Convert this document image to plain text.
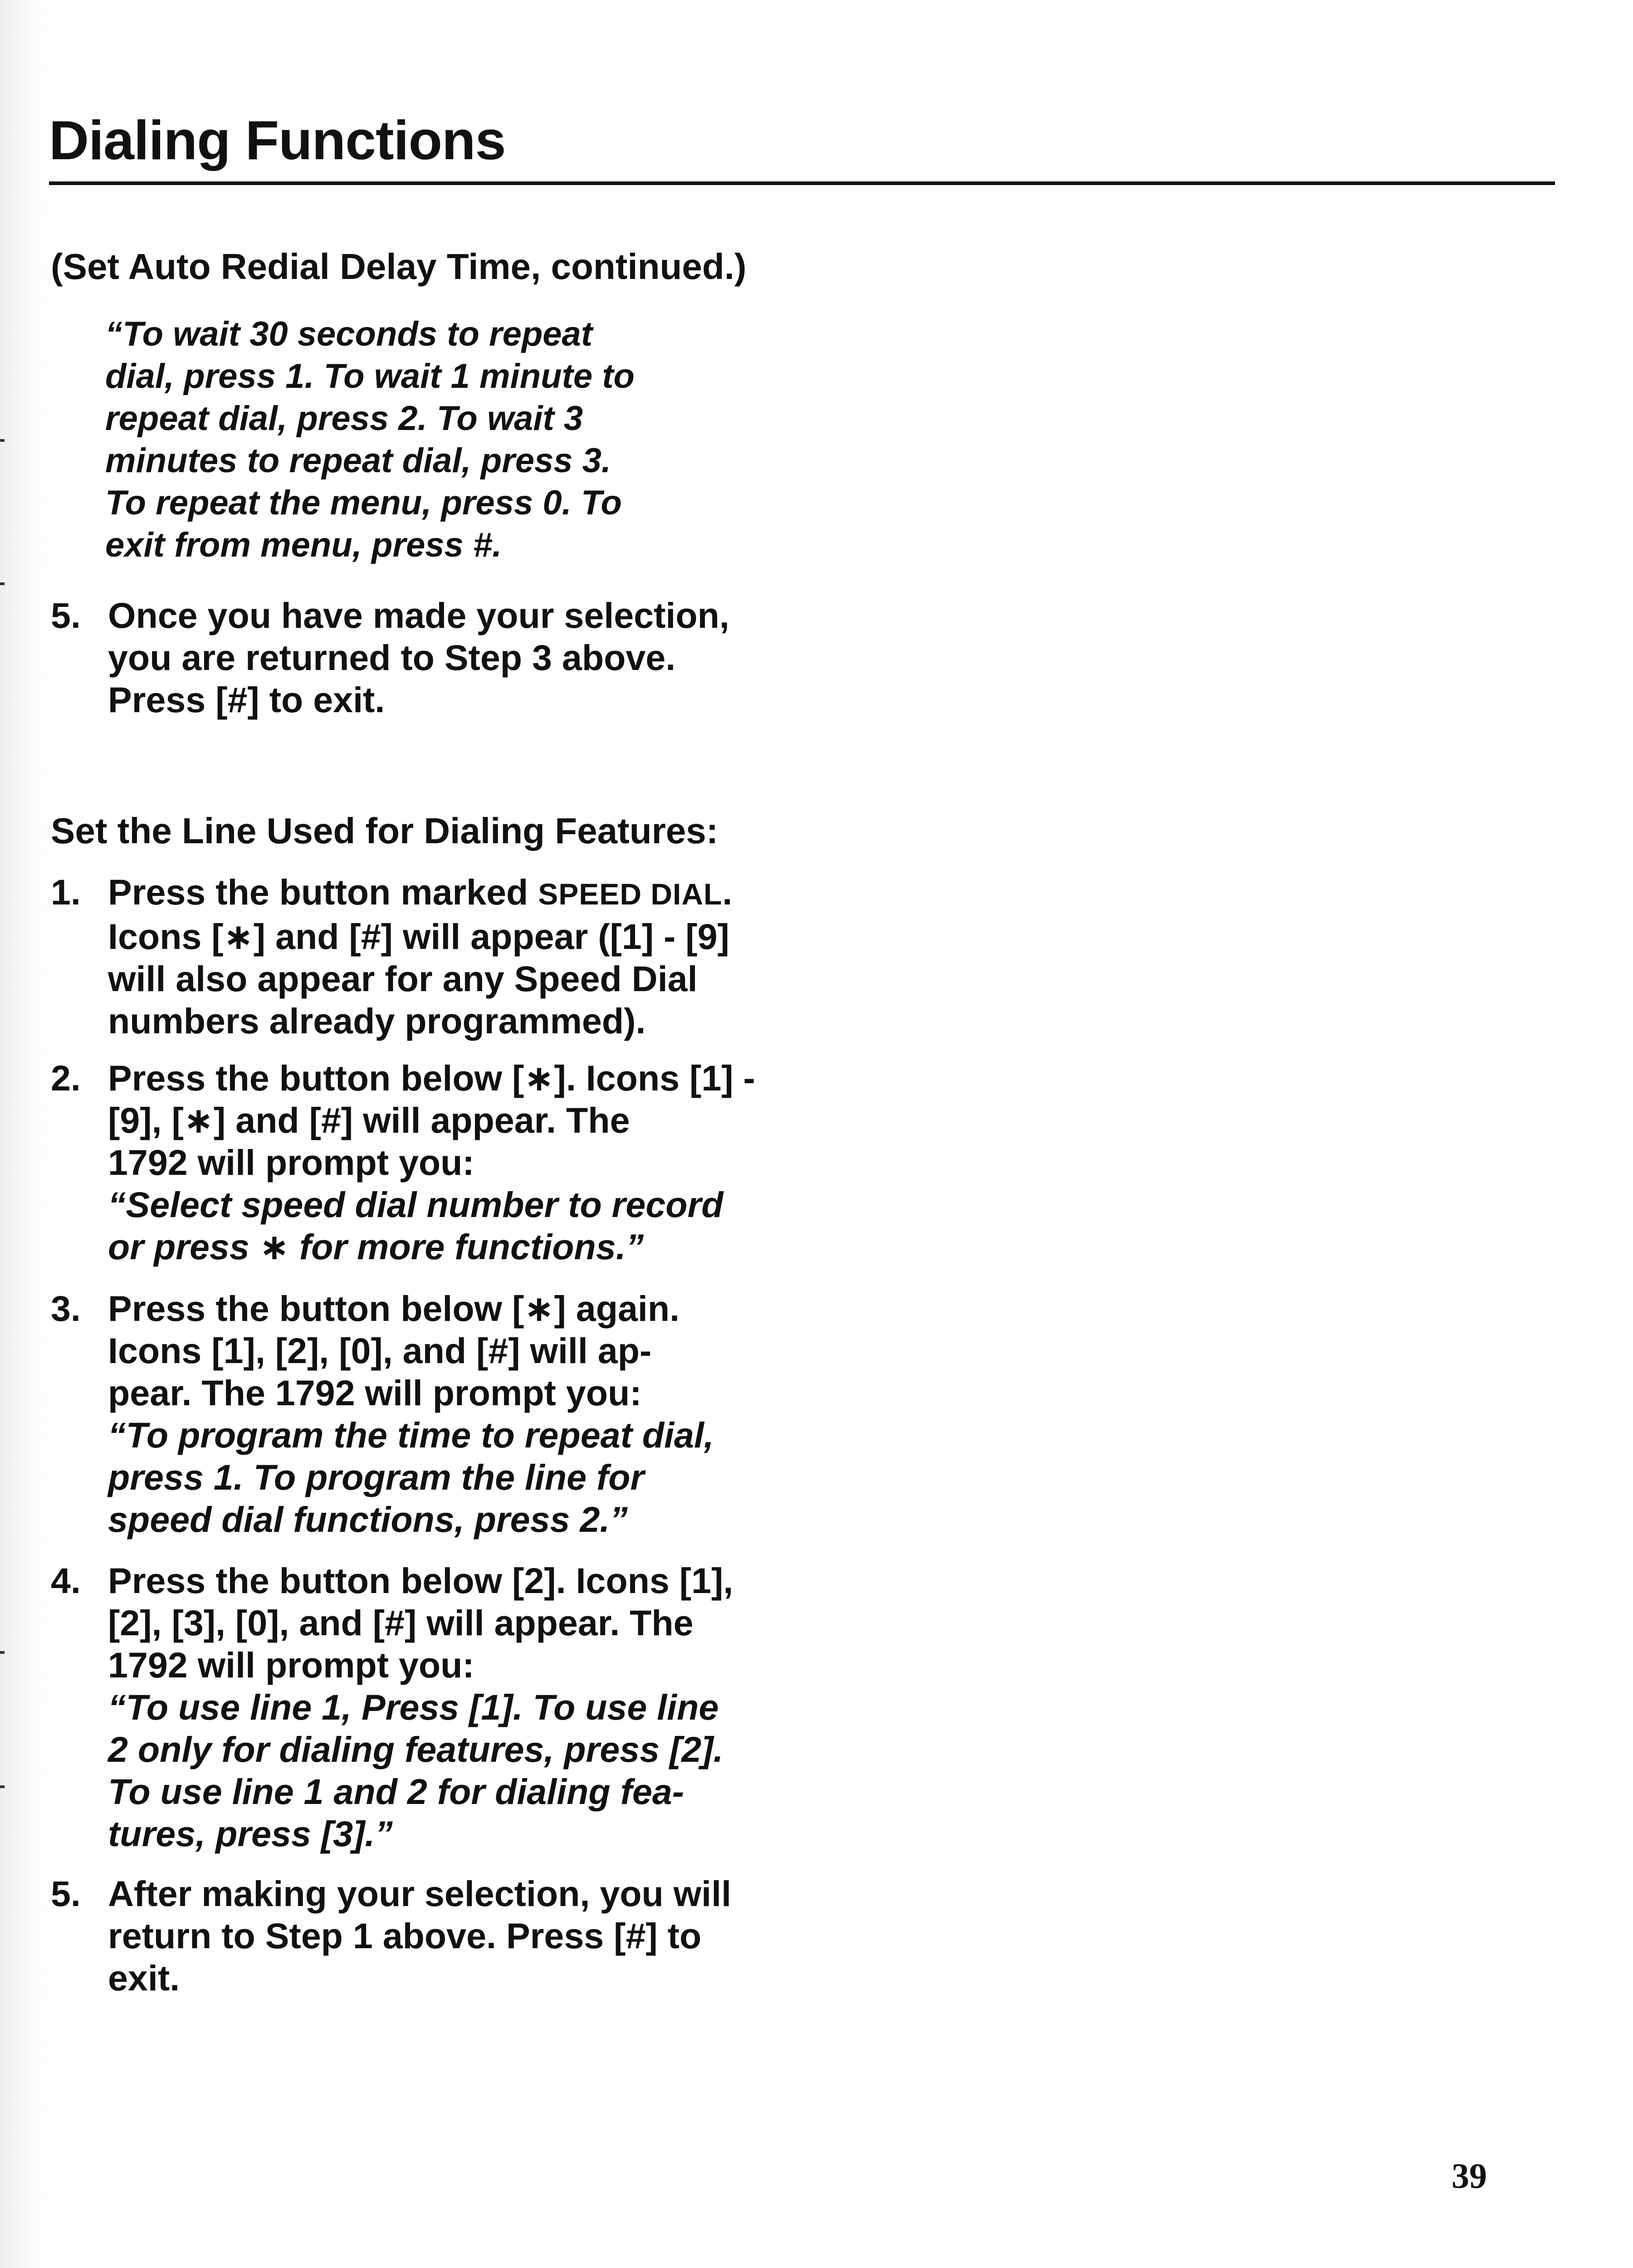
Dialing Functions
(Set Auto Redial Delay Time, continued.)
“To wait 30 seconds to repeat
dial, press 1. To wait 1 minute to
repeat dial, press 2. To wait 3
minutes to repeat dial, press 3.
To repeat the menu, press 0. To
exit from menu, press #.
5. Once you have made your selection,
you are returned to Step 3 above.
Press [#] to exit.
Set the Line Used for Dialing Features:
1. Press the button marked SPEED DIAL.
Icons [∗] and [#] will appear ([1] - [9]
will also appear for any Speed Dial
numbers already programmed).
2. Press the button below [∗]. Icons [1] -
[9], [∗] and [#] will appear. The
1792 will prompt you:
“Select speed dial number to record
or press ∗ for more functions.”
3. Press the button below [∗] again.
Icons [1], [2], [0], and [#] will ap-
pear. The 1792 will prompt you:
“To program the time to repeat dial,
press 1. To program the line for
speed dial functions, press 2.”
4. Press the button below [2]. Icons [1],
[2], [3], [0], and [#] will appear. The
1792 will prompt you:
“To use line 1, Press [1]. To use line
2 only for dialing features, press [2].
To use line 1 and 2 for dialing fea-
tures, press [3].”
5. After making your selection, you will
return to Step 1 above. Press [#] to
exit.
39
